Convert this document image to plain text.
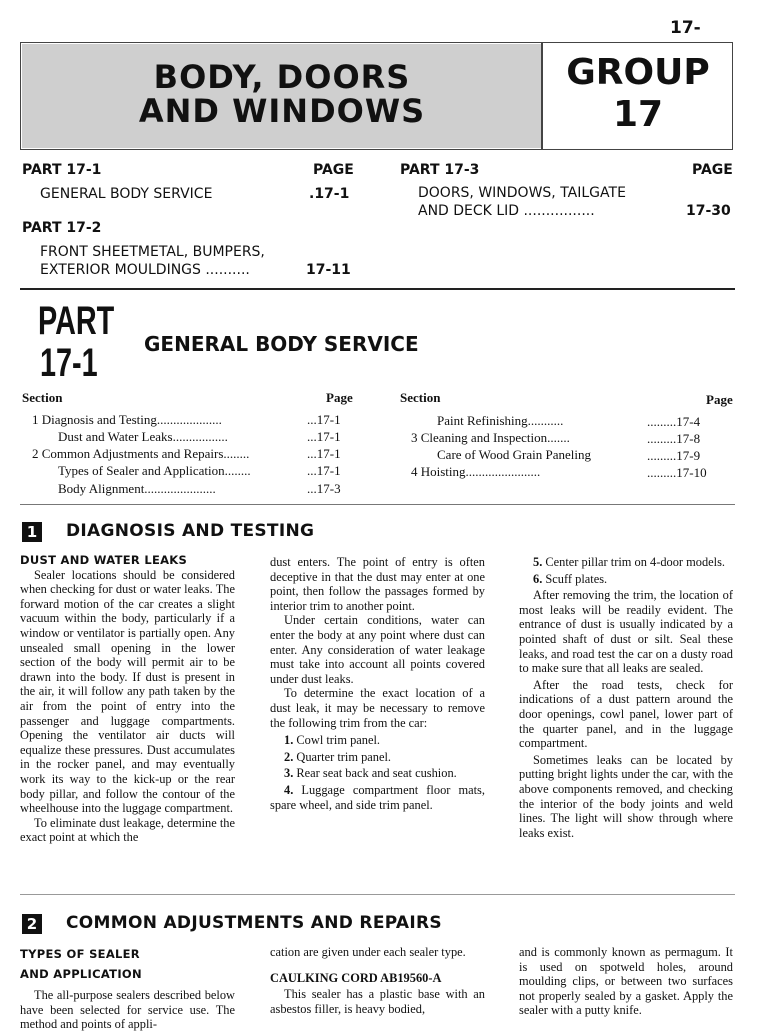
17-
BODY, DOORS
AND WINDOWS
GROUP
17
PART 17-1	PAGE
GENERAL BODY SERVICE	.17-1
PART 17-2
FRONT SHEETMETAL, BUMPERS,
EXTERIOR MOULDINGS ..........	17-11
PART 17-3	PAGE
DOORS, WINDOWS, TAILGATE
AND DECK LID ................	17-30
PART
17-1 GENERAL BODY SERVICE
Section	Page	Section	Page
1 Diagnosis and Testing....................	...17-1
Dust and Water Leaks.................	...17-1
2 Common Adjustments and Repairs........	...17-1
Types of Sealer and Application........	...17-1
Body Alignment......................	...17-3
Paint Refinishing...........	.........17-4
3 Cleaning and Inspection.......	.........17-8
Care of Wood Grain Paneling	.........17-9
4 Hoisting.......................	.........17-10
1 DIAGNOSIS AND TESTING

DUST AND WATER LEAKS

Sealer locations should be considered when checking for dust or water leaks. The forward motion of the car creates a slight vacuum within the body, particularly if a window or ventilator is partially open. Any unsealed small opening in the lower section of the body will permit air to be drawn into the body. If dust is present in the air, it will follow any path taken by the air from the point of entry into the passenger and luggage compartments. Opening the ventilator air ducts will equalize these pressures. Dust accumulates in the rocker panel, and may eventually work its way to the kick-up or the rear body pillar, and follow the contour of the wheelhouse into the luggage compartment.

To eliminate dust leakage, determine the exact point at which the

dust enters. The point of entry is often deceptive in that the dust may enter at one point, then follow the passages formed by interior trim to another point.

Under certain conditions, water can enter the body at any point where dust can enter. Any consideration of water leakage must take into account all points covered under dust leaks.

To determine the exact location of a dust leak, it may be necessary to remove the following trim from the car:

1. Cowl trim panel.

2. Quarter trim panel.

3. Rear seat back and seat cushion.

4. Luggage compartment floor mats, spare wheel, and side trim panel.

5. Center pillar trim on 4-door models.

6. Scuff plates.

After removing the trim, the location of most leaks will be readily evident. The entrance of dust is usually indicated by a pointed shaft of dust or silt. Seal these leaks, and road test the car on a dusty road to make sure that all leaks are sealed.

After the road tests, check for indications of a dust pattern around the door openings, cowl panel, lower part of the quarter panel, and in the luggage compartment.

Sometimes leaks can be located by putting bright lights under the car, with the above components removed, and checking the interior of the body joints and weld lines. The light will show through where leaks exist.

2 COMMON ADJUSTMENTS AND REPAIRS

TYPES OF SEALER

AND APPLICATION

The all-purpose sealers described below have been selected for service use. The method and points of appli-

cation are given under each sealer type.

CAULKING CORD AB19560-A

This sealer has a plastic base with an asbestos filler, is heavy bodied,

and is commonly known as permagum. It is used on spotweld holes, around moulding clips, or between two surfaces not properly sealed by a gasket. Apply the sealer with a putty knife.
